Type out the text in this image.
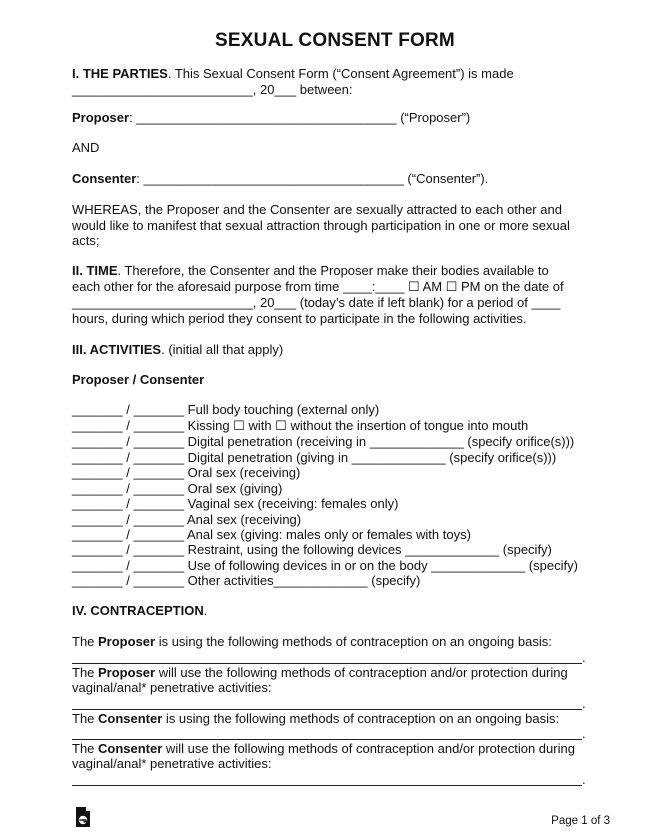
SEXUAL CONSENT FORM
I. THE PARTIES. This Sexual Consent Form (“Consent Agreement”) is made
_________________________, 20___ between:
Proposer: ____________________________________ (“Proposer”)
AND
Consenter: ____________________________________ (“Consenter”).
WHEREAS, the Proposer and the Consenter are sexually attracted to each other and would like to manifest that sexual attraction through participation in one or more sexual acts;
II. TIME. Therefore, the Consenter and the Proposer make their bodies available to
each other for the aforesaid purpose from time ____:____ ☐ AM ☐ PM on the date of
_________________________, 20___ (today’s date if left blank) for a period of ____
hours, during which period they consent to participate in the following activities.
III. ACTIVITIES. (initial all that apply)
Proposer / Consenter
_______ / _______ Full body touching (external only)
_______ / _______ Kissing ☐ with ☐ without the insertion of tongue into mouth
_______ / _______ Digital penetration (receiving in _____________ (specify orifice(s)))
_______ / _______ Digital penetration (giving in _____________ (specify orifice(s)))
_______ / _______ Oral sex (receiving)
_______ / _______ Oral sex (giving)
_______ / _______ Vaginal sex (receiving: females only)
_______ / _______ Anal sex (receiving)
_______ / _______ Anal sex (giving: males only or females with toys)
_______ / _______ Restraint, using the following devices _____________ (specify)
_______ / _______ Use of following devices in or on the body _____________ (specify)
_______ / _______ Other activities_____________ (specify)
IV. CONTRACEPTION.
The Proposer is using the following methods of contraception on an ongoing basis:
.
The Proposer will use the following methods of contraception and/or protection during
vaginal/anal* penetrative activities:
.
The Consenter is using the following methods of contraception on an ongoing basis:
.
The Consenter will use the following methods of contraception and/or protection during
vaginal/anal* penetrative activities:
.
Page 1 of 3
